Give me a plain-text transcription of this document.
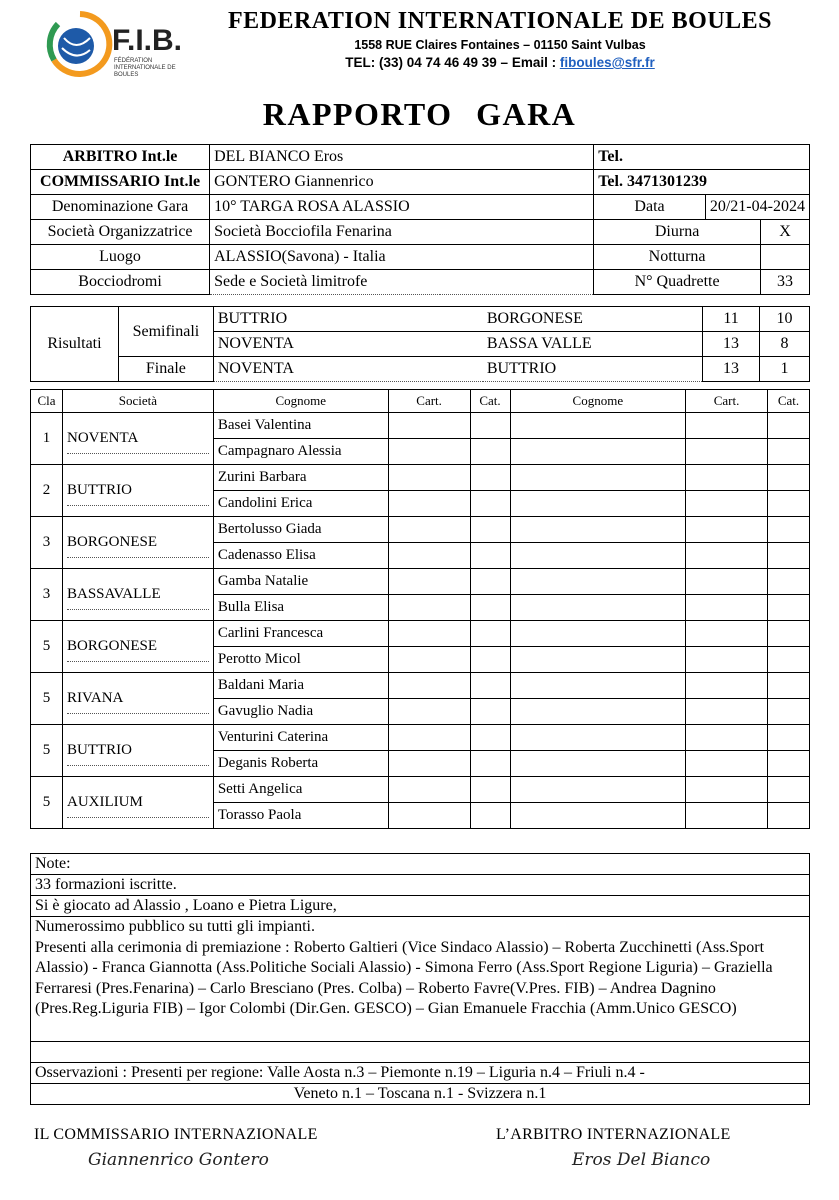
F.I.B.
FÉDÉRATION INTERNATIONALE DE BOULES
FEDERATION INTERNATIONALE DE BOULES
1558 RUE Claires Fontaines – 01150 Saint Vulbas
TEL: (33) 04 74 46 49 39 – Email : fiboules@sfr.fr
RAPPORTO GARA
ARBITRO Int.le	DEL BIANCO Eros	Tel.		
COMMISSARIO Int.le	GONTERO Giannenrico	Tel. 3471301239		
Denominazione Gara	10° TARGA ROSA ALASSIO	Data	20/21-04-2024	
Società Organizzatrice	Società Bocciofila Fenarina	Diurna		X
Luogo	ALASSIO(Savona) - Italia	Notturna		
Bocciodromi	Sede e Società limitrofe	N° Quadrette		33
Risultati	Semifinali	BUTTRIO	BORGONESE	11	10
		NOVENTA	BASSA VALLE	13	8
	Finale	NOVENTA	BUTTRIO	13	1
Cla	Società	Cognome	Cart.	Cat.	Cognome	Cart.	Cat.
1	NOVENTA	Basei Valentina					
		Campagnaro Alessia					
2	BUTTRIO	Zurini Barbara					
		Candolini Erica					
3	BORGONESE	Bertolusso Giada					
		Cadenasso Elisa					
3	BASSAVALLE	Gamba Natalie					
		Bulla Elisa					
5	BORGONESE	Carlini Francesca					
		Perotto Micol					
5	RIVANA	Baldani Maria					
		Gavuglio Nadia					
5	BUTTRIO	Venturini Caterina					
		Deganis Roberta					
5	AUXILIUM	Setti Angelica					
		Torasso Paola					
Note:
33 formazioni iscritte.
Si è giocato ad Alassio , Loano e Pietra Ligure,

Numerossimo pubblico su tutti gli impianti.
Presenti alla cerimonia di premiazione : Roberto Galtieri (Vice Sindaco Alassio) – Roberta Zucchinetti (Ass.Sport Alassio) - Franca Giannotta (Ass.Politiche Sociali Alassio) - Simona Ferro (Ass.Sport Regione Liguria) – Graziella Ferraresi (Pres.Fenarina) – Carlo Bresciano (Pres. Colba) – Roberto Favre(V.Pres. FIB) – Andrea Dagnino (Pres.Reg.Liguria FIB) – Igor Colombi (Dir.Gen. GESCO) – Gian Emanuele Fracchia (Amm.Unico GESCO)

Osservazioni : Presenti per regione: Valle Aosta n.3 – Piemonte n.19 – Liguria n.4 – Friuli n.4 -
Veneto n.1 – Toscana n.1 - Svizzera n.1
IL COMMISSARIO INTERNAZIONALE
Giannenrico Gontero
L’ARBITRO INTERNAZIONALE
Eros Del Bianco
